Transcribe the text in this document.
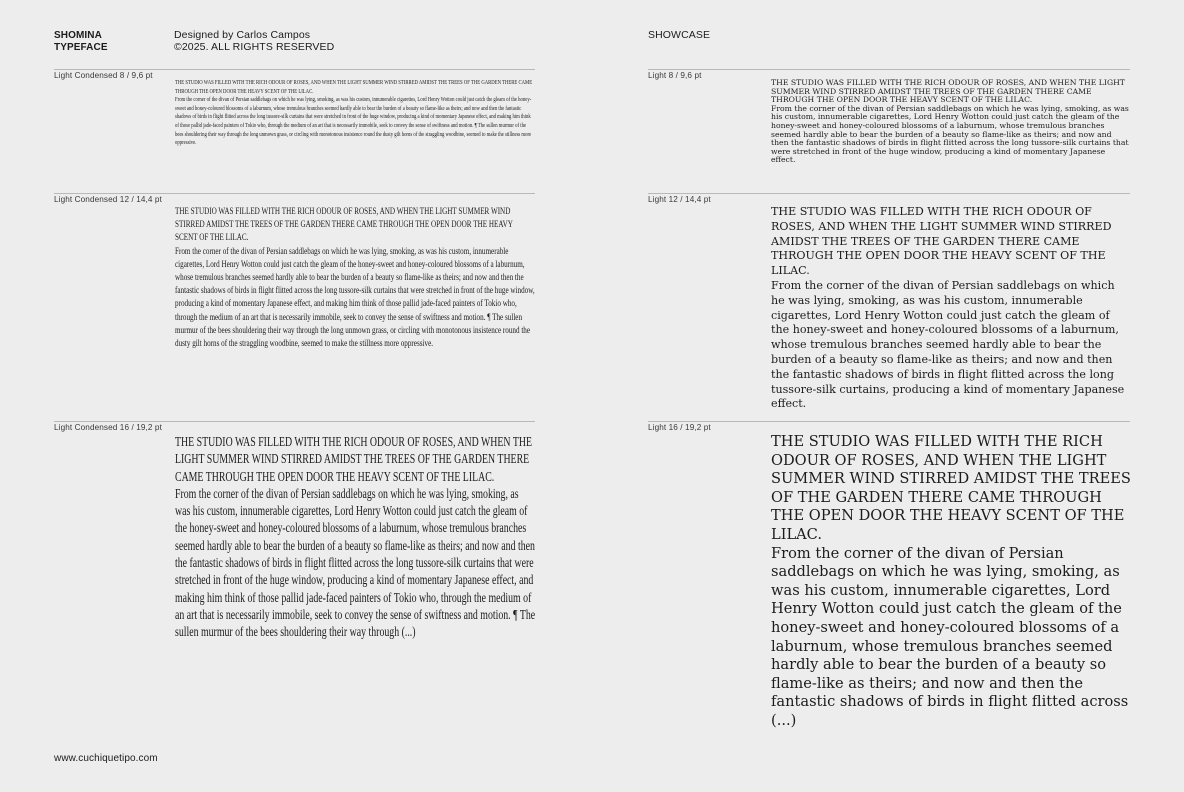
SHOMINA
TYPEFACE
Designed by Carlos Campos
©2025. ALL RIGHTS RESERVED
SHOWCASE
Light Condensed 8 / 9,6 pt
Light Condensed 12 / 14,4 pt
Light Condensed 16 / 19,2 pt
Light 8 / 9,6 pt
Light 12 / 14,4 pt
Light 16 / 19,2 pt

THE STUDIO WAS FILLED WITH THE RICH ODOUR OF ROSES, AND WHEN THE LIGHT SUMMER WIND STIRRED AMIDST THE TREES OF THE GARDEN THERE CAME THROUGH THE OPEN DOOR THE HEAVY SCENT OF THE LILAC.

From the corner of the divan of Persian saddlebags on which he was lying, smoking, as was his custom, innumerable cigarettes, Lord Henry Wotton could just catch the gleam of the honey-sweet and honey-coloured blossoms of a laburnum, whose tremulous branches seemed hardly able to bear the burden of a beauty so flame-like as theirs; and now and then the fantastic shadows of birds in flight flitted across the long tussore-silk curtains that were stretched in front of the huge window, producing a kind of momentary Japanese effect, and making him think of those pallid jade-faced painters of Tokio who, through the medium of an art that is necessarily immobile, seek to convey the sense of swiftness and motion. ¶ The sullen murmur of the bees shouldering their way through the long unmown grass, or circling with monotonous insistence round the dusty gilt horns of the straggling woodbine, seemed to make the stillness more oppressive.

THE STUDIO WAS FILLED WITH THE RICH ODOUR OF ROSES, AND WHEN THE LIGHT SUMMER WIND STIRRED AMIDST THE TREES OF THE GARDEN THERE CAME THROUGH THE OPEN DOOR THE HEAVY SCENT OF THE LILAC.

From the corner of the divan of Persian saddlebags on which he was lying, smoking, as was his custom, innumerable cigarettes, Lord Henry Wotton could just catch the gleam of the honey-sweet and honey-coloured blossoms of a laburnum, whose tremulous branches seemed hardly able to bear the burden of a beauty so flame-like as theirs; and now and then the fantastic shadows of birds in flight flitted across the long tussore-silk curtains that were stretched in front of the huge window, producing a kind of momentary Japanese effect, and making him think of those pallid jade-faced painters of Tokio who, through the medium of an art that is necessarily immobile, seek to convey the sense of swiftness and motion. ¶ The sullen murmur of the bees shouldering their way through the long unmown grass, or circling with monotonous insistence round the dusty gilt horns of the straggling woodbine, seemed to make the stillness more oppressive.

THE STUDIO WAS FILLED WITH THE RICH ODOUR OF ROSES, AND WHEN THE LIGHT SUMMER WIND STIRRED AMIDST THE TREES OF THE GARDEN THERE CAME THROUGH THE OPEN DOOR THE HEAVY SCENT OF THE LILAC.

From the corner of the divan of Persian saddlebags on which he was lying, smoking, as was his custom, innumerable cigarettes, Lord Henry Wotton could just catch the gleam of the honey-sweet and honey-coloured blossoms of a laburnum, whose tremulous branches seemed hardly able to bear the burden of a beauty so flame-like as theirs; and now and then the fantastic shadows of birds in flight flitted across the long tussore-silk curtains that were stretched in front of the huge window, producing a kind of momentary Japanese effect, and making him think of those pallid jade-faced painters of Tokio who, through the medium of an art that is necessarily immobile, seek to convey the sense of swiftness and motion. ¶ The sullen murmur of the bees shouldering their way through (...)

THE STUDIO WAS FILLED WITH THE RICH ODOUR OF ROSES, AND WHEN THE LIGHT SUMMER WIND STIRRED AMIDST THE TREES OF THE GARDEN THERE CAME THROUGH THE OPEN DOOR THE HEAVY SCENT OF THE LILAC.

From the corner of the divan of Persian saddlebags on which he was lying, smoking, as was his custom, innumerable cigarettes, Lord Henry Wotton could just catch the gleam of the honey-sweet and honey-coloured blossoms of a laburnum, whose tremulous branches seemed hardly able to bear the burden of a beauty so flame-like as theirs; and now and then the fantastic shadows of birds in flight flitted across the long tussore-silk curtains that were stretched in front of the huge window, producing a kind of momentary Japanese effect.

THE STUDIO WAS FILLED WITH THE RICH ODOUR OF ROSES, AND WHEN THE LIGHT SUMMER WIND STIRRED AMIDST THE TREES OF THE GARDEN THERE CAME THROUGH THE OPEN DOOR THE HEAVY SCENT OF THE LILAC.

From the corner of the divan of Persian saddlebags on which he was lying, smoking, as was his custom, innumerable cigarettes, Lord Henry Wotton could just catch the gleam of the honey-sweet and honey-coloured blossoms of a laburnum, whose tremulous branches seemed hardly able to bear the burden of a beauty so flame-like as theirs; and now and then the fantastic shadows of birds in flight flitted across the long tussore-silk curtains, producing a kind of momentary Japanese effect.

THE STUDIO WAS FILLED WITH THE RICH ODOUR OF ROSES, AND WHEN THE LIGHT SUMMER WIND STIRRED AMIDST THE TREES OF THE GARDEN THERE CAME THROUGH THE OPEN DOOR THE HEAVY SCENT OF THE LILAC.

From the corner of the divan of Persian saddlebags on which he was lying, smoking, as was his custom, innumerable cigarettes, Lord Henry Wotton could just catch the gleam of the honey-sweet and honey-coloured blossoms of a laburnum, whose tremulous branches seemed hardly able to bear the burden of a beauty so flame-like as theirs; and now and then the fantastic shadows of birds in flight flitted across (...)

www.cuchiquetipo.com
